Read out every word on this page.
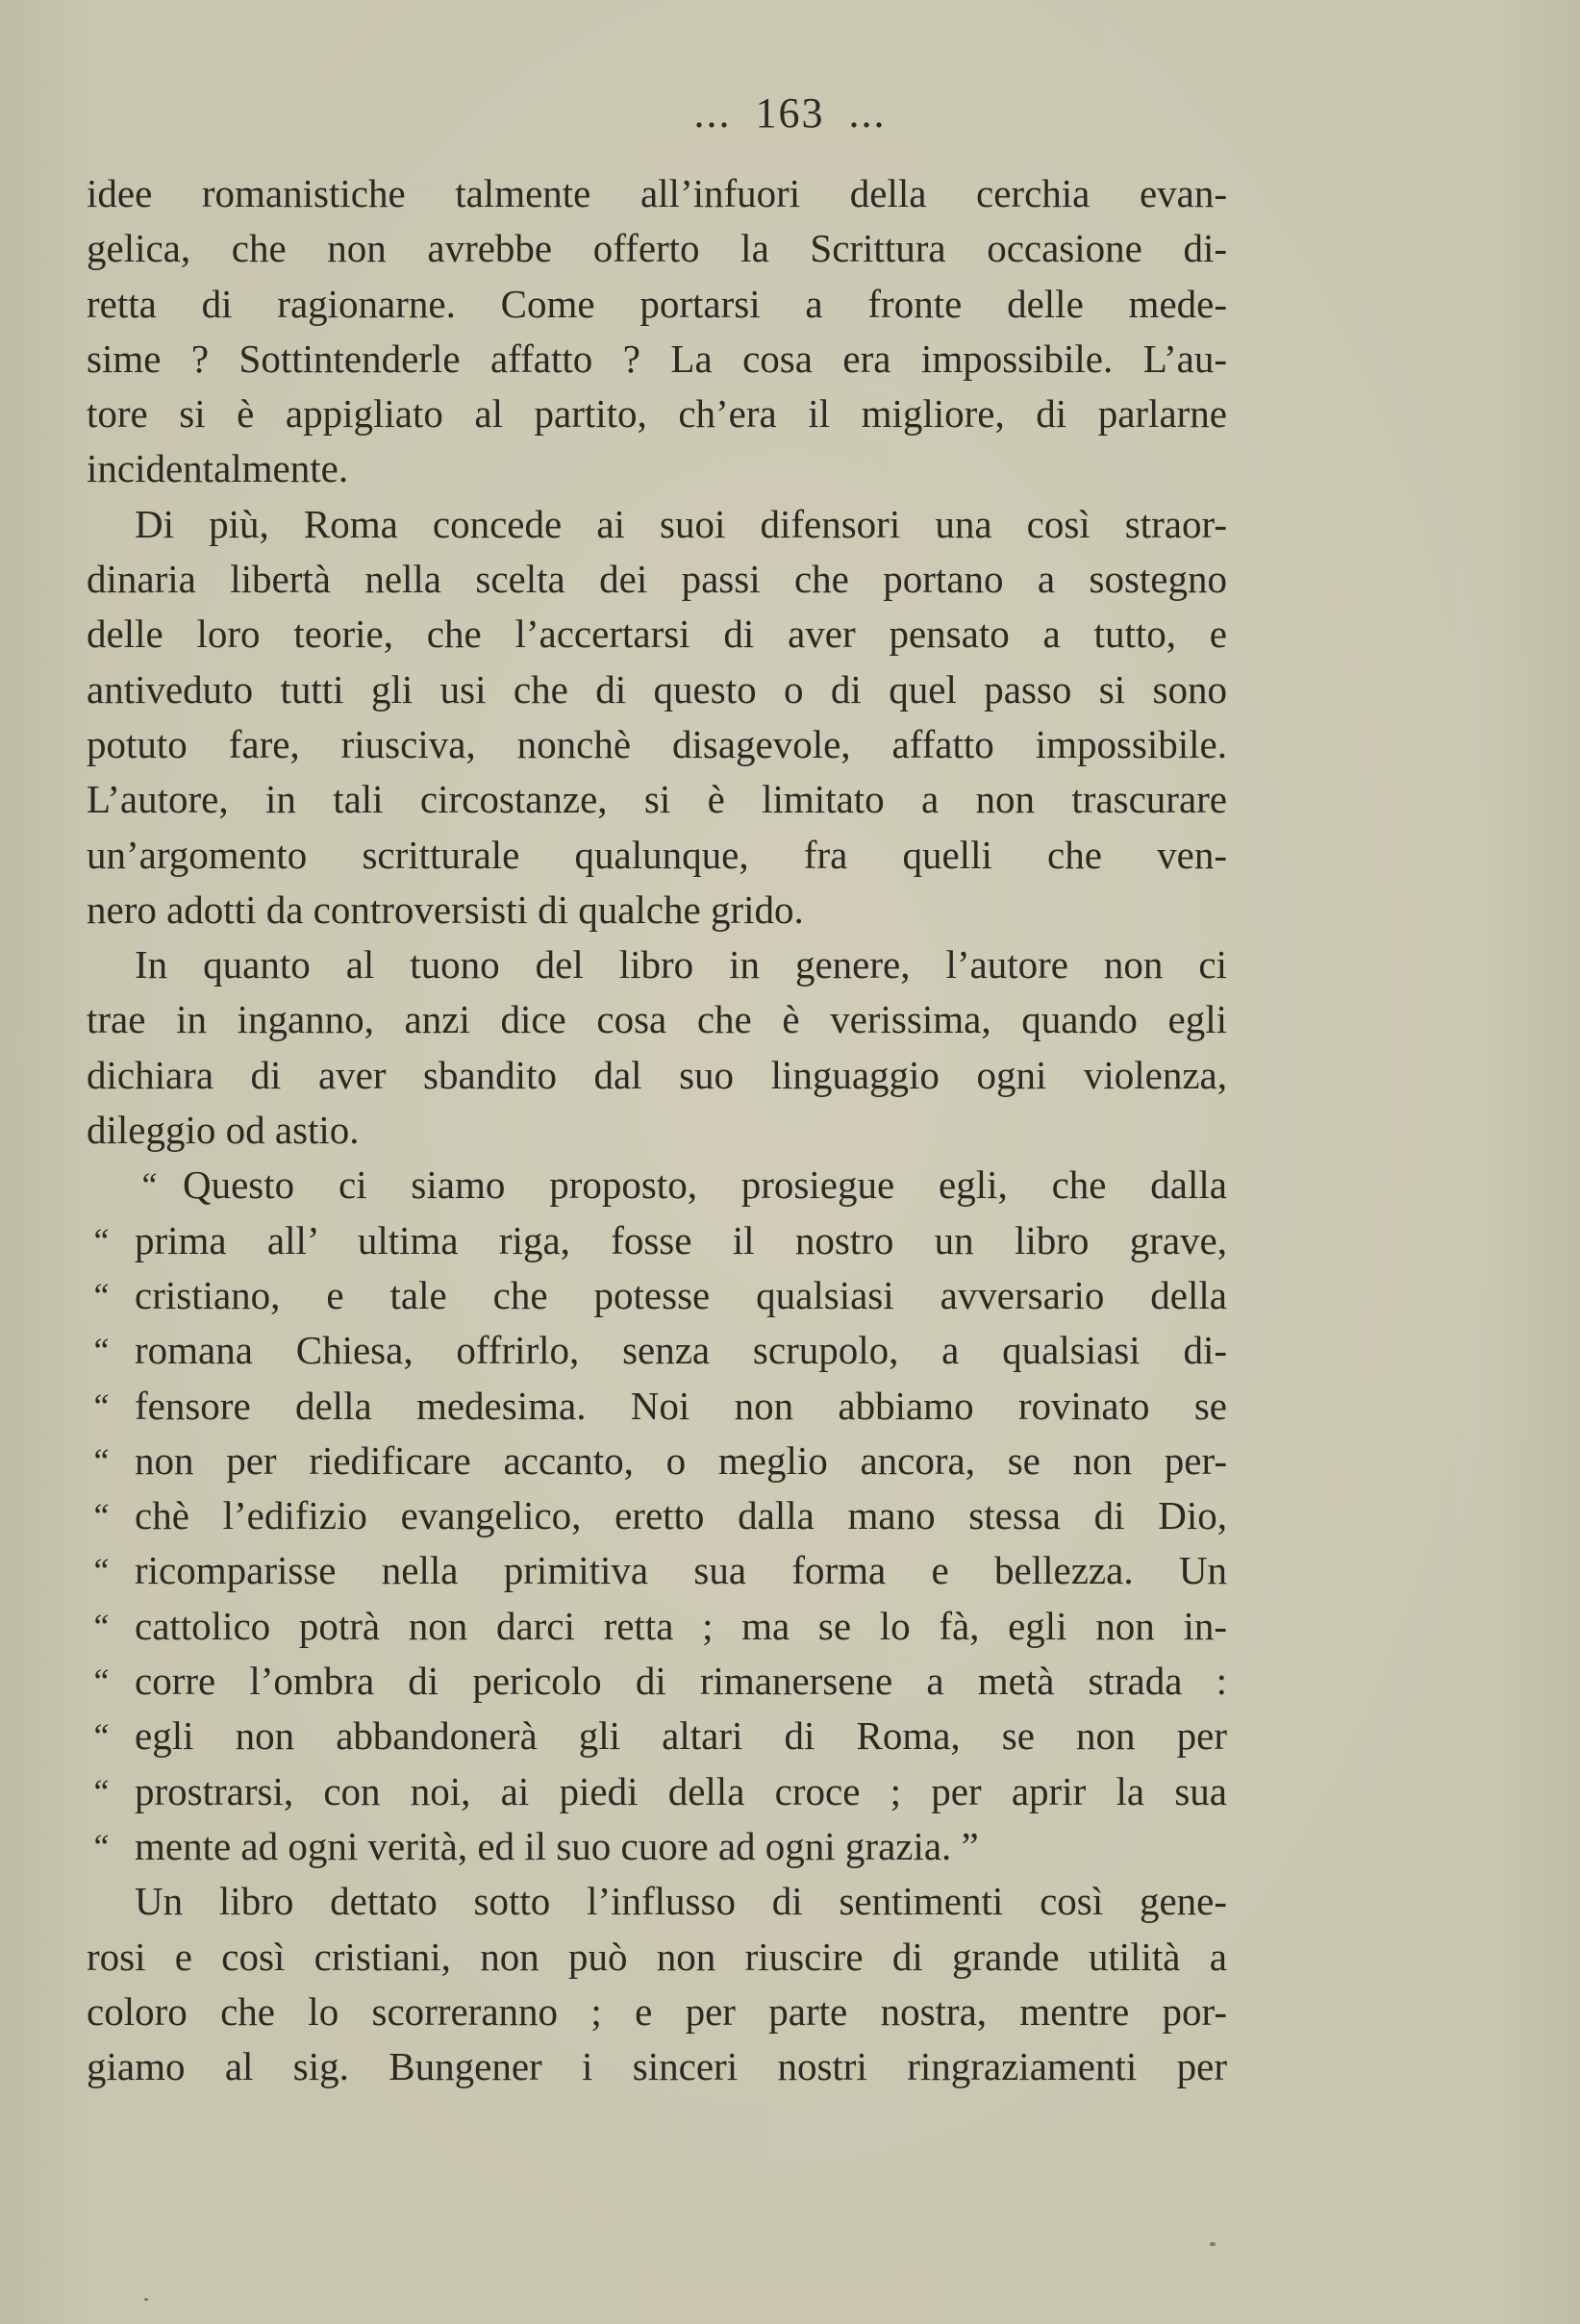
... 163 ...
idee romanistiche talmente all’infuori della cerchia evan-
gelica, che non avrebbe offerto la Scrittura occasione di-
retta di ragionarne. Come portarsi a fronte delle mede-
sime ? Sottintenderle affatto ? La cosa era impossibile. L’au-
tore si è appigliato al partito, ch’era il migliore, di parlarne
incidentalmente.
Di più, Roma concede ai suoi difensori una così straor-
dinaria libertà nella scelta dei passi che portano a sostegno
delle loro teorie, che l’accertarsi di aver pensato a tutto, e
antiveduto tutti gli usi che di questo o di quel passo si sono
potuto fare, riusciva, nonchè disagevole, affatto impossibile.
L’autore, in tali circostanze, si è limitato a non trascurare
un’argomento scritturale qualunque, fra quelli che ven-
nero adotti da controversisti di qualche grido.
In quanto al tuono del libro in genere, l’autore non ci
trae in inganno, anzi dice cosa che è verissima, quando egli
dichiara di aver sbandito dal suo linguaggio ogni violenza,
dileggio od astio.
“ Questo ci siamo proposto, prosiegue egli, che dalla
“ prima all’ ultima riga, fosse il nostro un libro grave,
“ cristiano, e tale che potesse qualsiasi avversario della
“ romana Chiesa, offrirlo, senza scrupolo, a qualsiasi di-
“ fensore della medesima. Noi non abbiamo rovinato se
“ non per riedificare accanto, o meglio ancora, se non per-
“ chè l’edifizio evangelico, eretto dalla mano stessa di Dio,
“ ricomparisse nella primitiva sua forma e bellezza. Un
“ cattolico potrà non darci retta ; ma se lo fà, egli non in-
“ corre l’ombra di pericolo di rimanersene a metà strada :
“ egli non abbandonerà gli altari di Roma, se non per
“ prostrarsi, con noi, ai piedi della croce ; per aprir la sua
“ mente ad ogni verità, ed il suo cuore ad ogni grazia. ”
Un libro dettato sotto l’influsso di sentimenti così gene-
rosi e così cristiani, non può non riuscire di grande utilità a
coloro che lo scorreranno ; e per parte nostra, mentre por-
giamo al sig. Bungener i sinceri nostri ringraziamenti per
